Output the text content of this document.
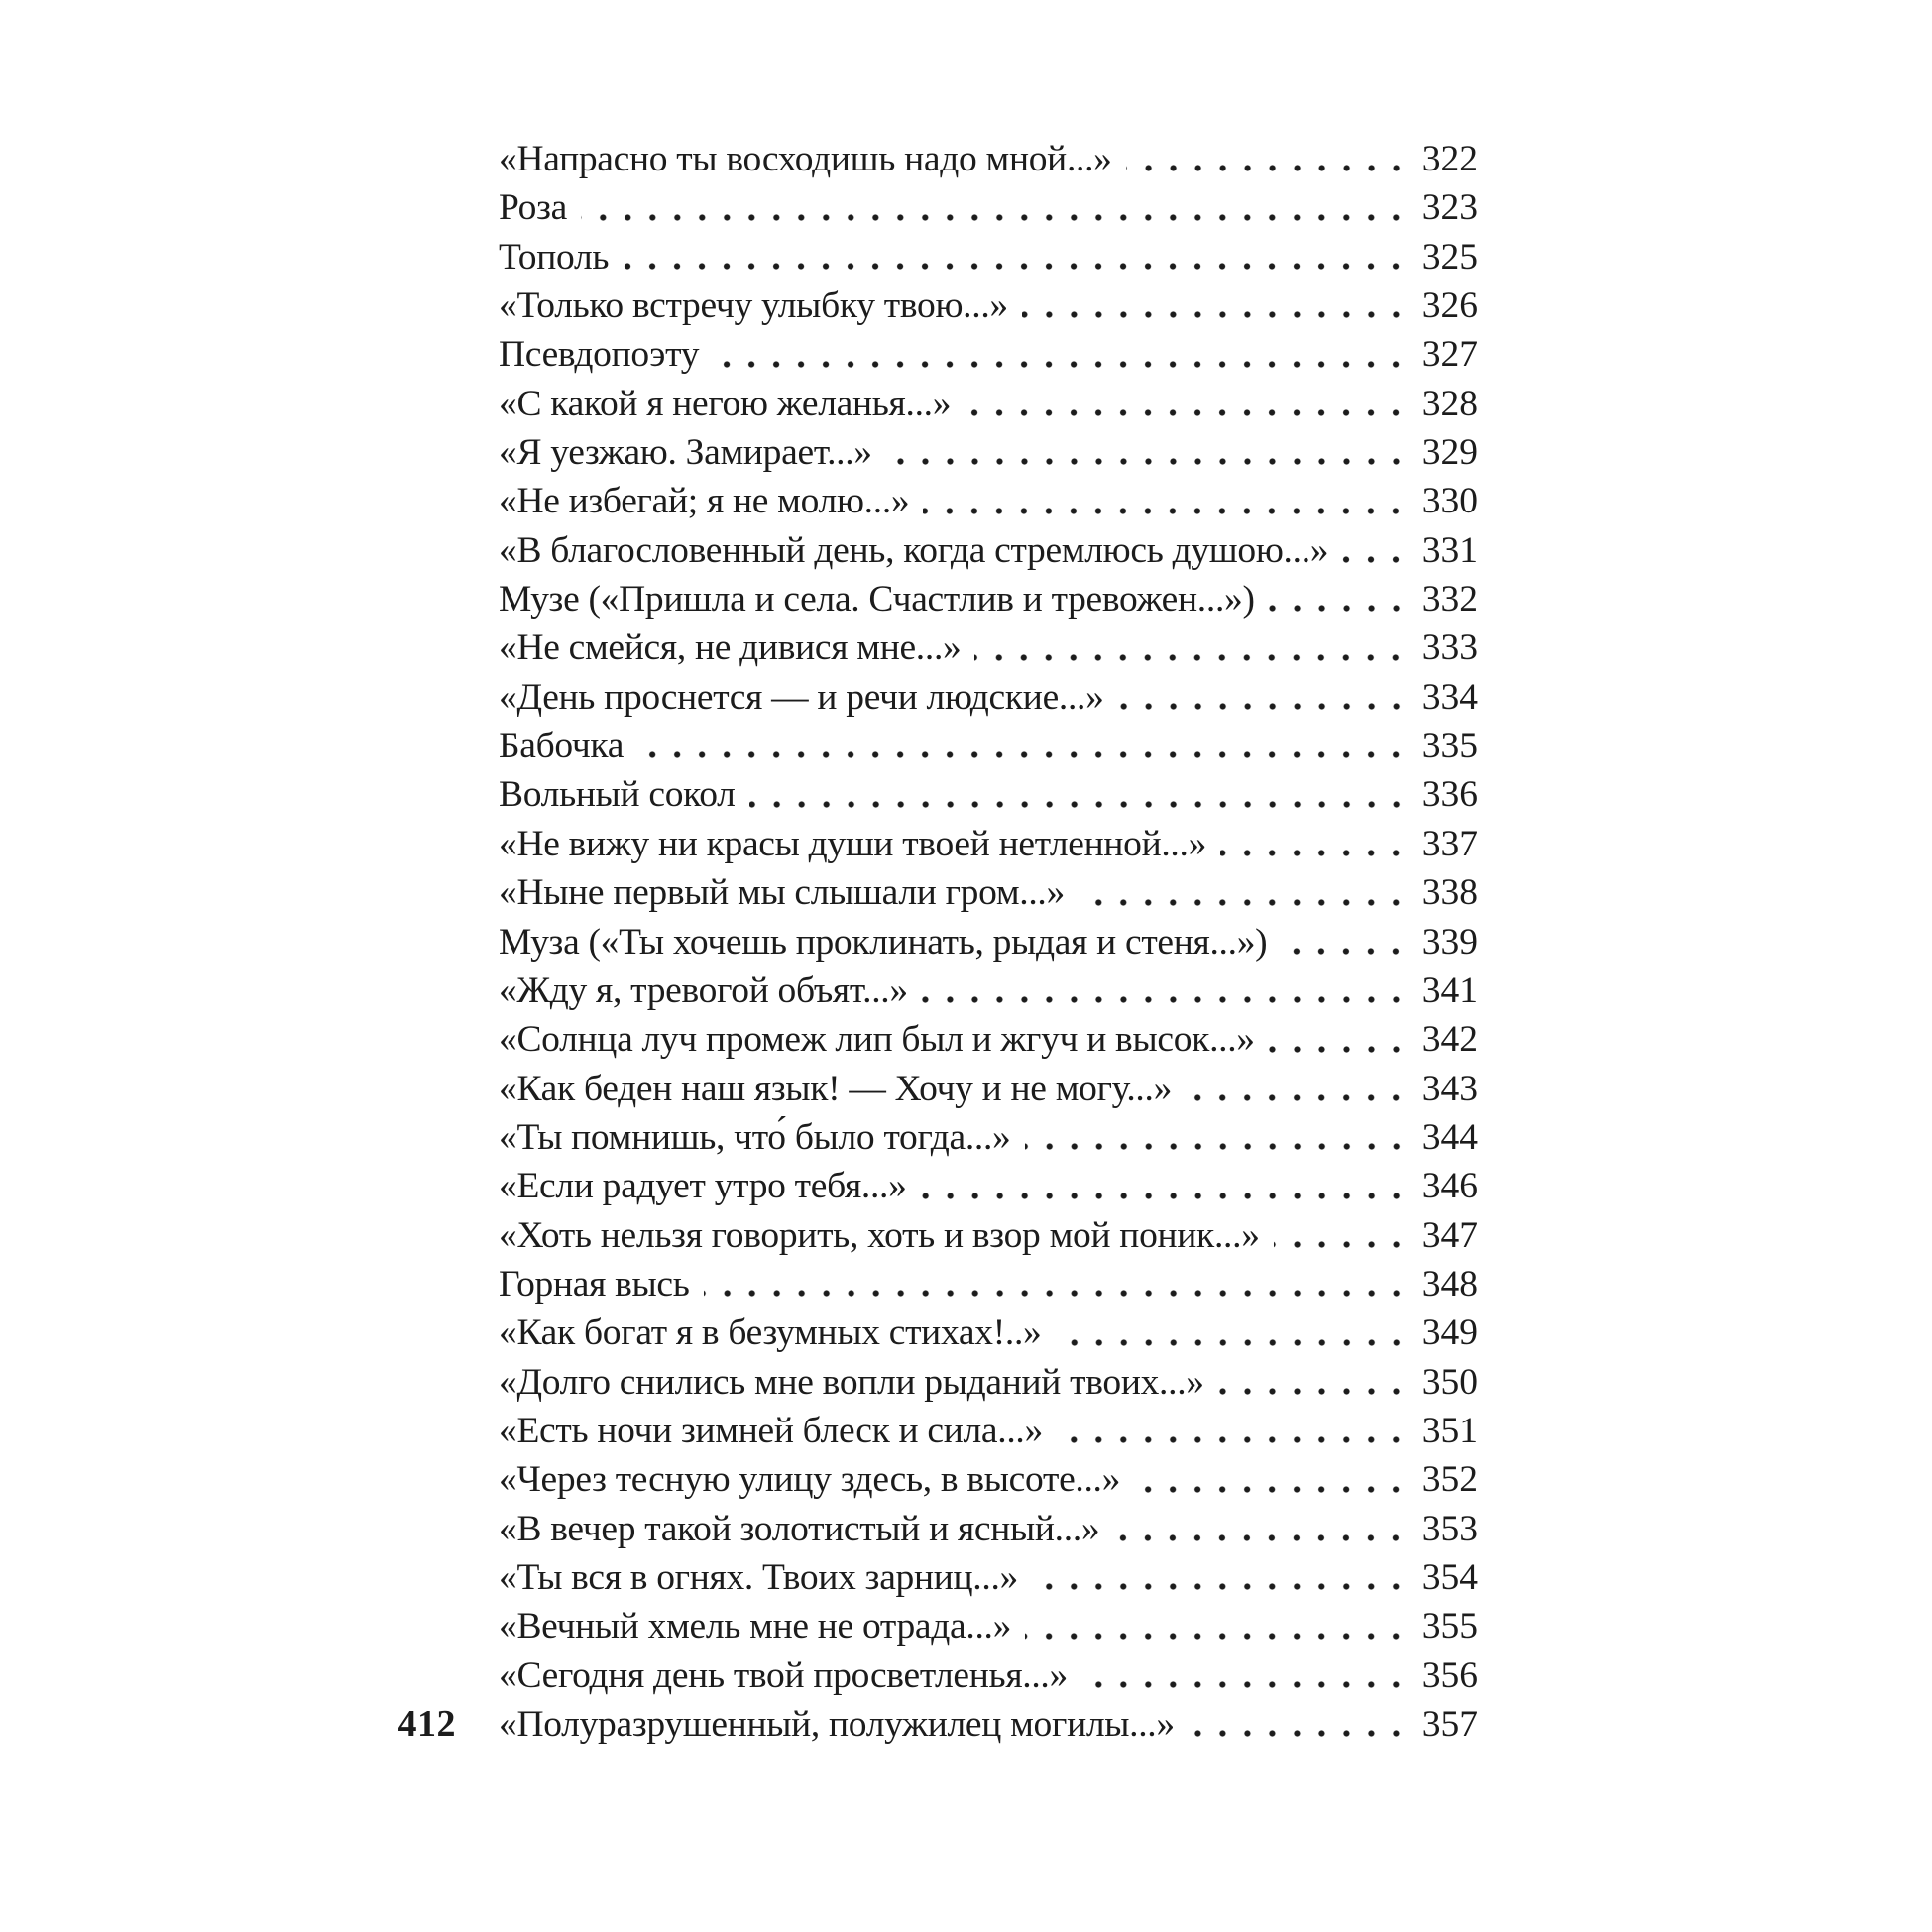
412
«Напрасно ты восходишь надо мной...»	322
Роза	323
Тополь	325
«Только встречу улыбку твою...»	326
Псевдопоэту	327
«С какой я негою желанья...»	328
«Я уезжаю. Замирает...»	329
«Не избегай; я не молю...»	330
«В благословенный день, когда стремлюсь душою...»	331
Музе («Пришла и села. Счастлив и тревожен...»)	332
«Не смейся, не дивися мне...»	333
«День проснется — и речи людские...»	334
Бабочка	335
Вольный сокол	336
«Не вижу ни красы души твоей нетленной...»	337
«Ныне первый мы слышали гром...»	338
Муза («Ты хочешь проклинать, рыдая и стеня...»)	339
«Жду я, тревогой объят...»	341
«Солнца луч промеж лип был и жгуч и высок...»	342
«Как беден наш язык! — Хочу и не могу...»	343
«Ты помнишь, что́ было тогда...»	344
«Если радует утро тебя...»	346
«Хоть нельзя говорить, хоть и взор мой поник...»	347
Горная высь	348
«Как богат я в безумных стихах!..»	349
«Долго снились мне вопли рыданий твоих...»	350
«Есть ночи зимней блеск и сила...»	351
«Через тесную улицу здесь, в высоте...»	352
«В вечер такой золотистый и ясный...»	353
«Ты вся в огнях. Твоих зарниц...»	354
«Вечный хмель мне не отрада...»	355
«Сегодня день твой просветленья...»	356
«Полуразрушенный, полужилец могилы...»	357
